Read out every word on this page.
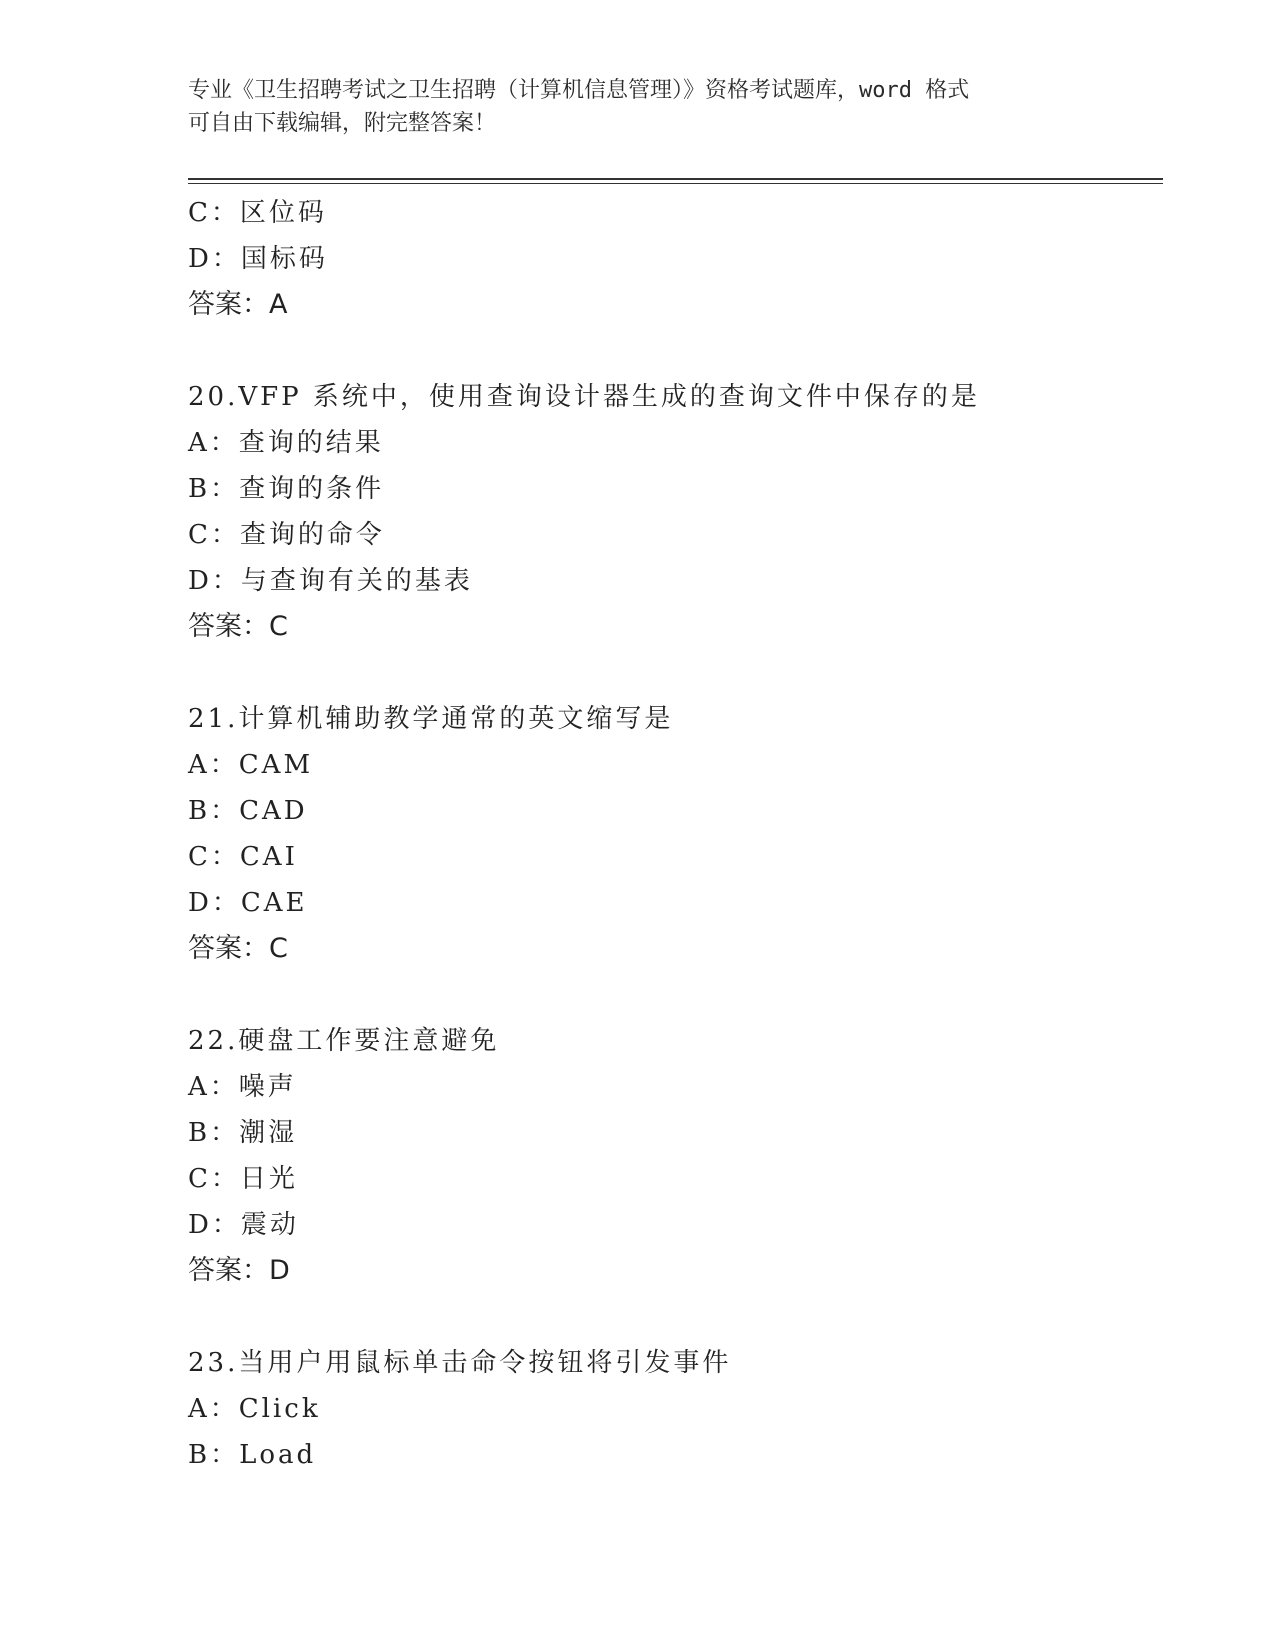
专业《卫生招聘考试之卫生招聘（计算机信息管理）》资格考试题库，word 格式
可自由下载编辑，附完整答案！
C：区位码
D：国标码
答案：A
20.VFP 系统中，使用查询设计器生成的查询文件中保存的是
A：查询的结果
B：查询的条件
C：查询的命令
D：与查询有关的基表
答案：C
21.计算机辅助教学通常的英文缩写是
A：CAM
B：CAD
C：CAI
D：CAE
答案：C
22.硬盘工作要注意避免
A：噪声
B：潮湿
C：日光
D：震动
答案：D
23.当用户用鼠标单击命令按钮将引发事件
A：Click
B：Load
